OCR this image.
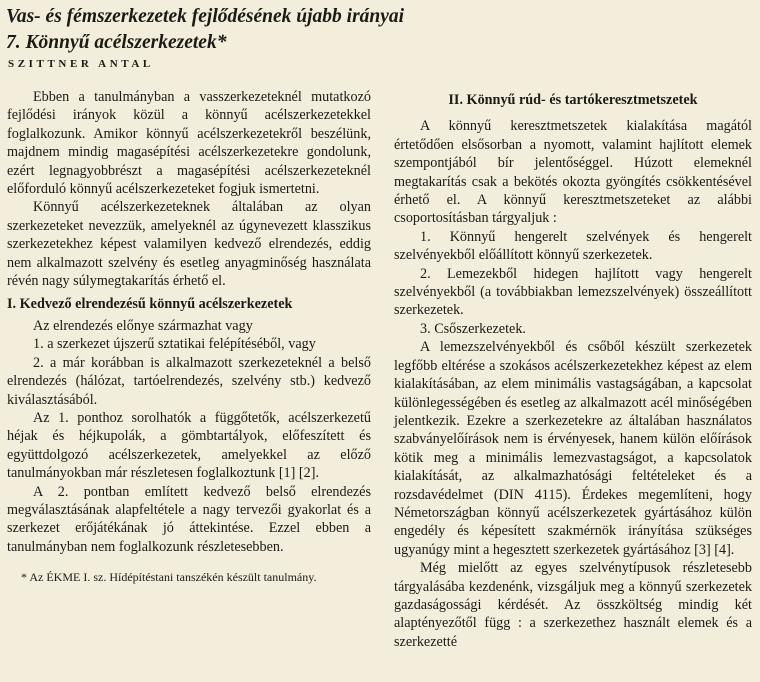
Vas- és fémszerkezetek fejlődésének újabb irányai
7. Könnyű acélszerkezetek*
SZITTNER ANTAL

Ebben a tanulmányban a vasszerkezeteknél mutatkozó fejlődési irányok közül a könnyű acélszerkezetekkel foglalkozunk. Amikor könnyű acélszerkezetekről beszélünk, majdnem mindig magasépítési acélszerkezetekre gondolunk, ezért legnagyobbrészt a magasépítési acélszerkezeteknél előforduló könnyű acélszerkezeteket fogjuk ismertetni.

Könnyű acélszerkezeteknek általában az olyan szerkezeteket nevezzük, amelyeknél az úgynevezett klasszikus szerkezetekhez képest valamilyen kedvező elrendezés, eddig nem alkalmazott szelvény és esetleg anyagminőség használata révén nagy súlymegtakarítás érhető el.

I. Kedvező elrendezésű könnyű acélszerkezetek

Az elrendezés előnye származhat vagy

1. a szerkezet újszerű sztatikai felépítéséből, vagy

2. a már korábban is alkalmazott szerkezeteknél a belső elrendezés (hálózat, tartóelrendezés, szelvény stb.) kedvező kiválasztásából.

Az 1. ponthoz sorolhatók a függőtetők, acélszerkezetű héjak és héjkupolák, a gömbtartályok, előfeszített és együttdolgozó acélszerkezetek, amelyekkel az előző tanulmányokban már részletesen foglalkoztunk [1] [2].

A 2. pontban említett kedvező belső elrendezés megválasztásának alapfeltétele a nagy tervezői gyakorlat és a szerkezet erőjátékának jó áttekintése. Ezzel ebben a tanulmányban nem foglalkozunk részletesebben.

* Az ÉKME I. sz. Hídépítéstani tanszékén készült tanulmány.

II. Könnyű rúd- és tartókeresztmetszetek

A könnyű keresztmetszetek kialakítása magától értetődően elsősorban a nyomott, valamint hajlított elemek szempontjából bír jelentőséggel. Húzott elemeknél megtakarítás csak a bekötés okozta gyöngítés csökkentésével érhető el. A könnyű keresztmetszeteket az alábbi csoportosításban tárgyaljuk :

1. Könnyű hengerelt szelvények és hengerelt szelvényekből előállított könnyű szerkezetek.

2. Lemezekből hidegen hajlított vagy hengerelt szelvényekből (a továbbiakban lemezszelvények) összeállított szerkezetek.

3. Csőszerkezetek.

A lemezszelvényekből és csőből készült szerkezetek legfőbb eltérése a szokásos acélszerkezetekhez képest az elem kialakításában, az elem minimális vastagságában, a kapcsolat különlegességében és esetleg az alkalmazott acél minőségében jelentkezik. Ezekre a szerkezetekre az általában használatos szabványelőírások nem is érvényesek, hanem külön előírások kötik meg a minimális lemezvastagságot, a kapcsolatok kialakítását, az alkalmazhatósági feltételeket és a rozsdavédelmet (DIN 4115). Érdekes megemlíteni, hogy Németországban könnyű acélszerkezetek gyártásához külön engedély és képesített szakmérnök irányítása szükséges ugyanúgy mint a hegesztett szerkezetek gyártásához [3] [4].

Még mielőtt az egyes szelvénytípusok részletesebb tárgyalásába kezdenénk, vizsgáljuk meg a könnyű szerkezetek gazdaságossági kérdését. Az összköltség mindig két alaptényezőtől függ : a szerkezethez használt elemek és a szerkezetté
